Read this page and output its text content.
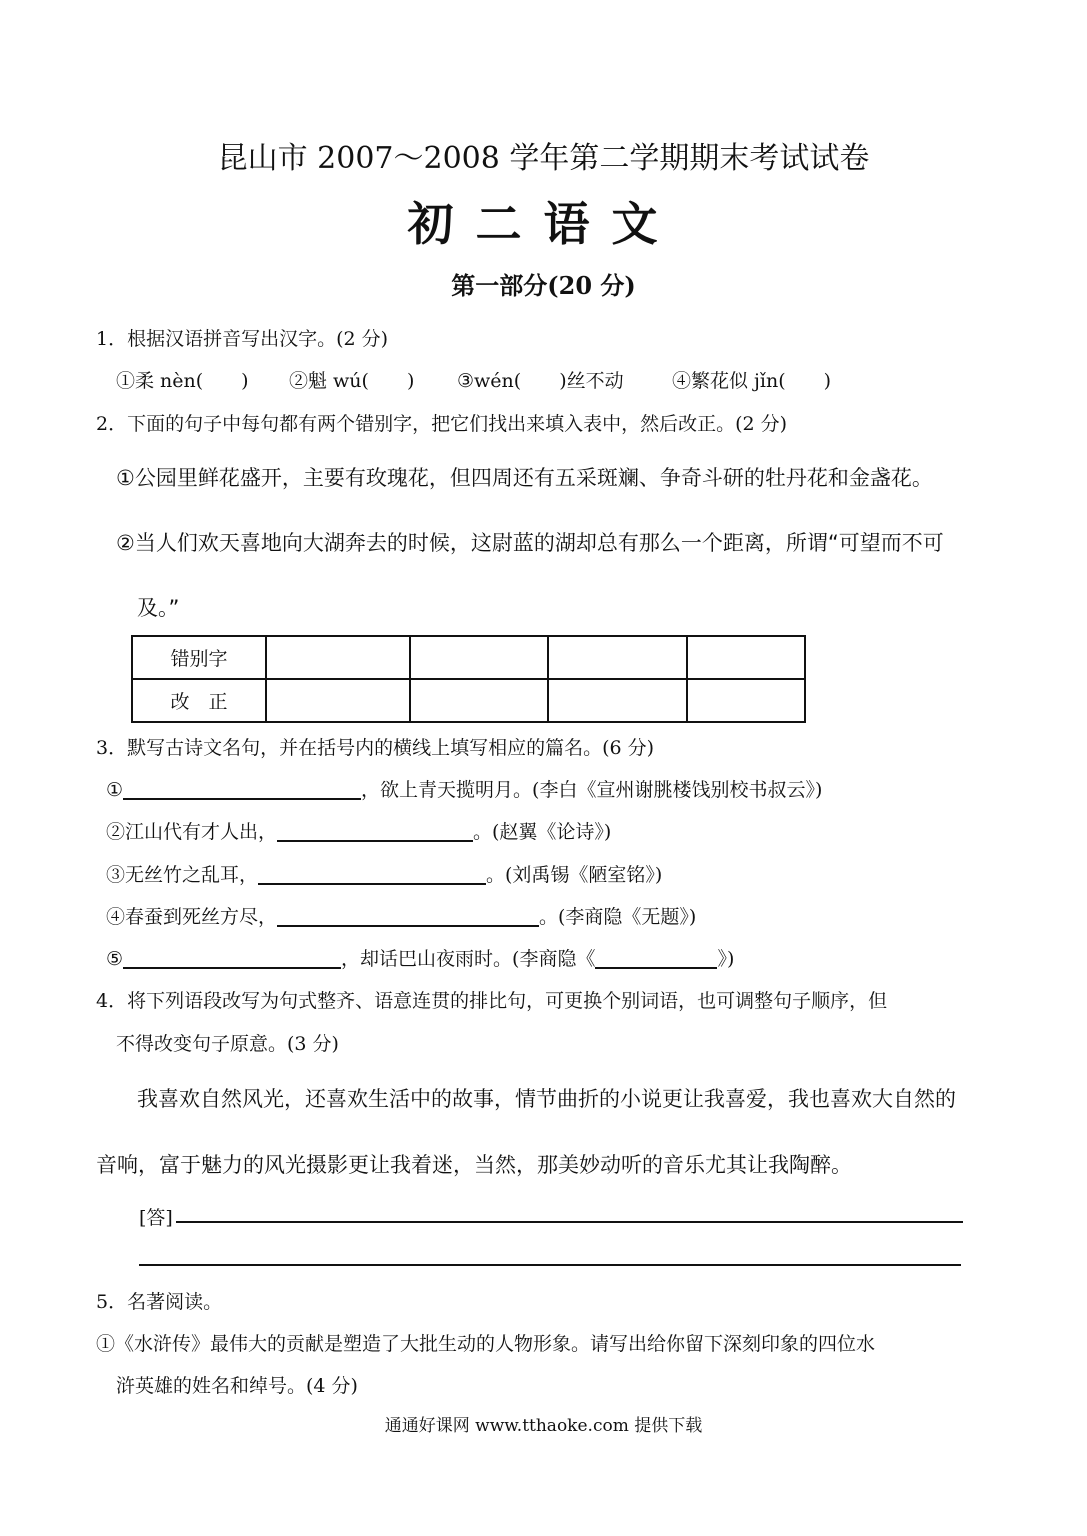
昆山市 2007～2008 学年第二学期期末考试试卷
初二语文
第一部分(20 分)
1．根据汉语拼音写出汉字。(2 分)
①柔 nèn(　　) ②魁 wú(　　) ③wén(　　)丝不动	④繁花似 jǐn(　　)
2．下面的句子中每句都有两个错别字，把它们找出来填入表中，然后改正。(2 分)
①公园里鲜花盛开，主要有玫瑰花，但四周还有五采斑斓、争奇斗研的牡丹花和金盏花。
②当人们欢天喜地向大湖奔去的时候，这尉蓝的湖却总有那么一个距离，所谓“可望而不可
及。”
错别字				
改　正				
3．默写古诗文名句，并在括号内的横线上填写相应的篇名。(6 分)
①	，欲上青天揽明月。(李白《宣州谢朓楼饯别校书叔云》)
②江山代有才人出，	。(赵翼《论诗》)
③无丝竹之乱耳，	。(刘禹锡《陋室铭》)
④春蚕到死丝方尽，	。(李商隐《无题》)
⑤	，却话巴山夜雨时。(李商隐《	》)
4．将下列语段改写为句式整齐、语意连贯的排比句，可更换个别词语，也可调整句子顺序，但
不得改变句子原意。(3 分)
我喜欢自然风光，还喜欢生活中的故事，情节曲折的小说更让我喜爱，我也喜欢大自然的
音响，富于魅力的风光摄影更让我着迷，当然，那美妙动听的音乐尤其让我陶醉。
[答]
5．名著阅读。
①《水浒传》最伟大的贡献是塑造了大批生动的人物形象。请写出给你留下深刻印象的四位水
浒英雄的姓名和绰号。(4 分)
通通好课网 www.tthaoke.com 提供下载
